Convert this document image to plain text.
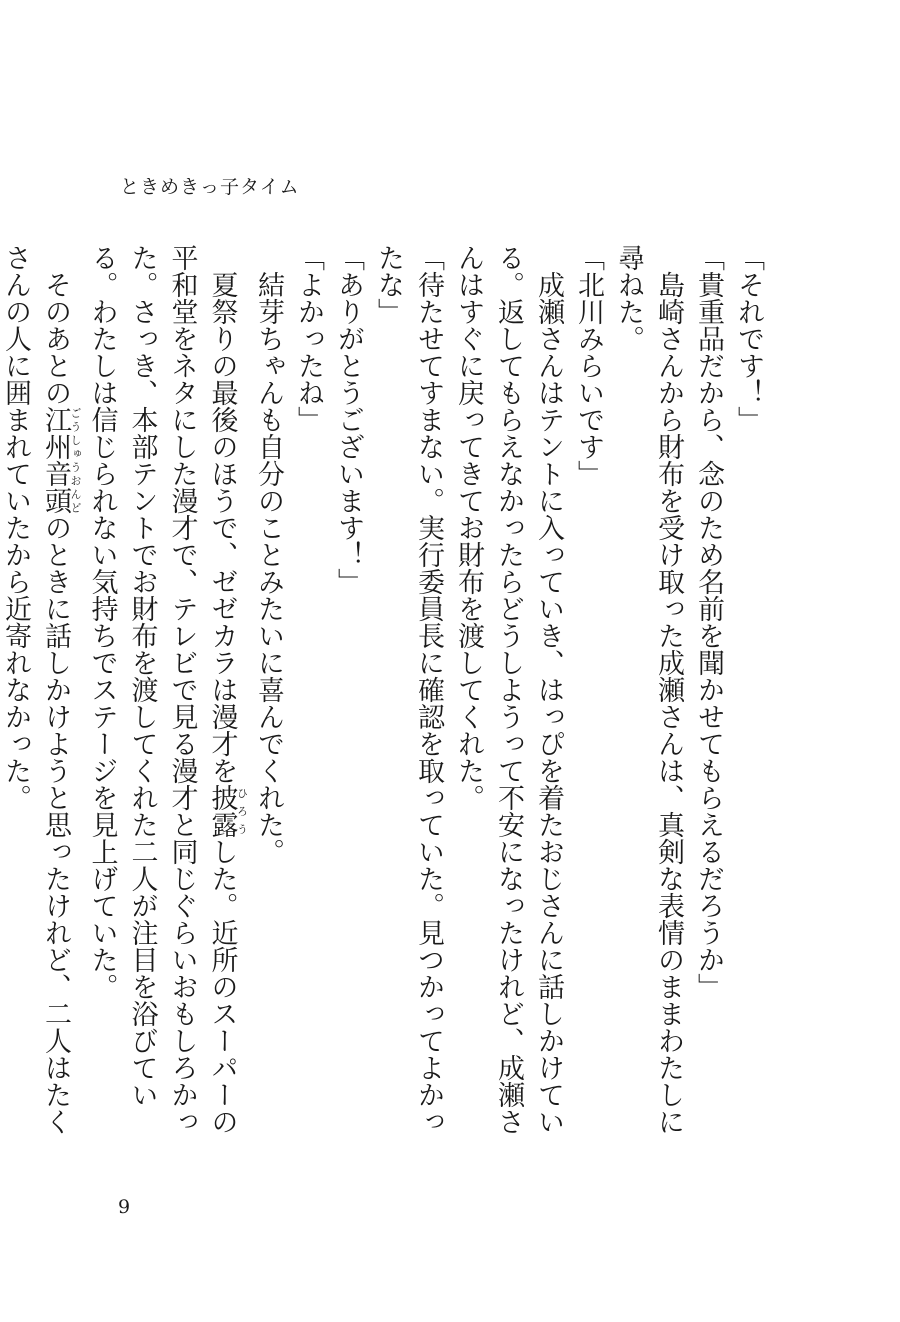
ときめきっ子タイム

「それです！」

「貴重品だから、念のため名前を聞かせてもらえるだろうか」

島崎さんから財布を受け取った成瀬さんは、真剣な表情のままわたしに尋ねた。

「北川みらいです」

成瀬さんはテントに入っていき、はっぴを着たおじさんに話しかけている。返してもらえなかったらどうしようって不安になったけれど、成瀬さんはすぐに戻ってきてお財布を渡してくれた。

「待たせてすまない。実行委員長に確認を取っていた。見つかってよかったな」

「ありがとうございます！」

「よかったね」

結芽ちゃんも自分のことみたいに喜んでくれた。

夏祭りの最後のほうで、ゼゼカラは漫才を披露ひろうした。近所のスーパーの平和堂をネタにした漫才で、テレビで見る漫才と同じぐらいおもしろかった。さっき、本部テントでお財布を渡してくれた二人が注目を浴びている。わたしは信じられない気持ちでステージを見上げていた。

そのあとの江州音頭ごうしゅうおんどのときに話しかけようと思ったけれど、二人はたくさんの人に囲まれていたから近寄れなかった。

9
